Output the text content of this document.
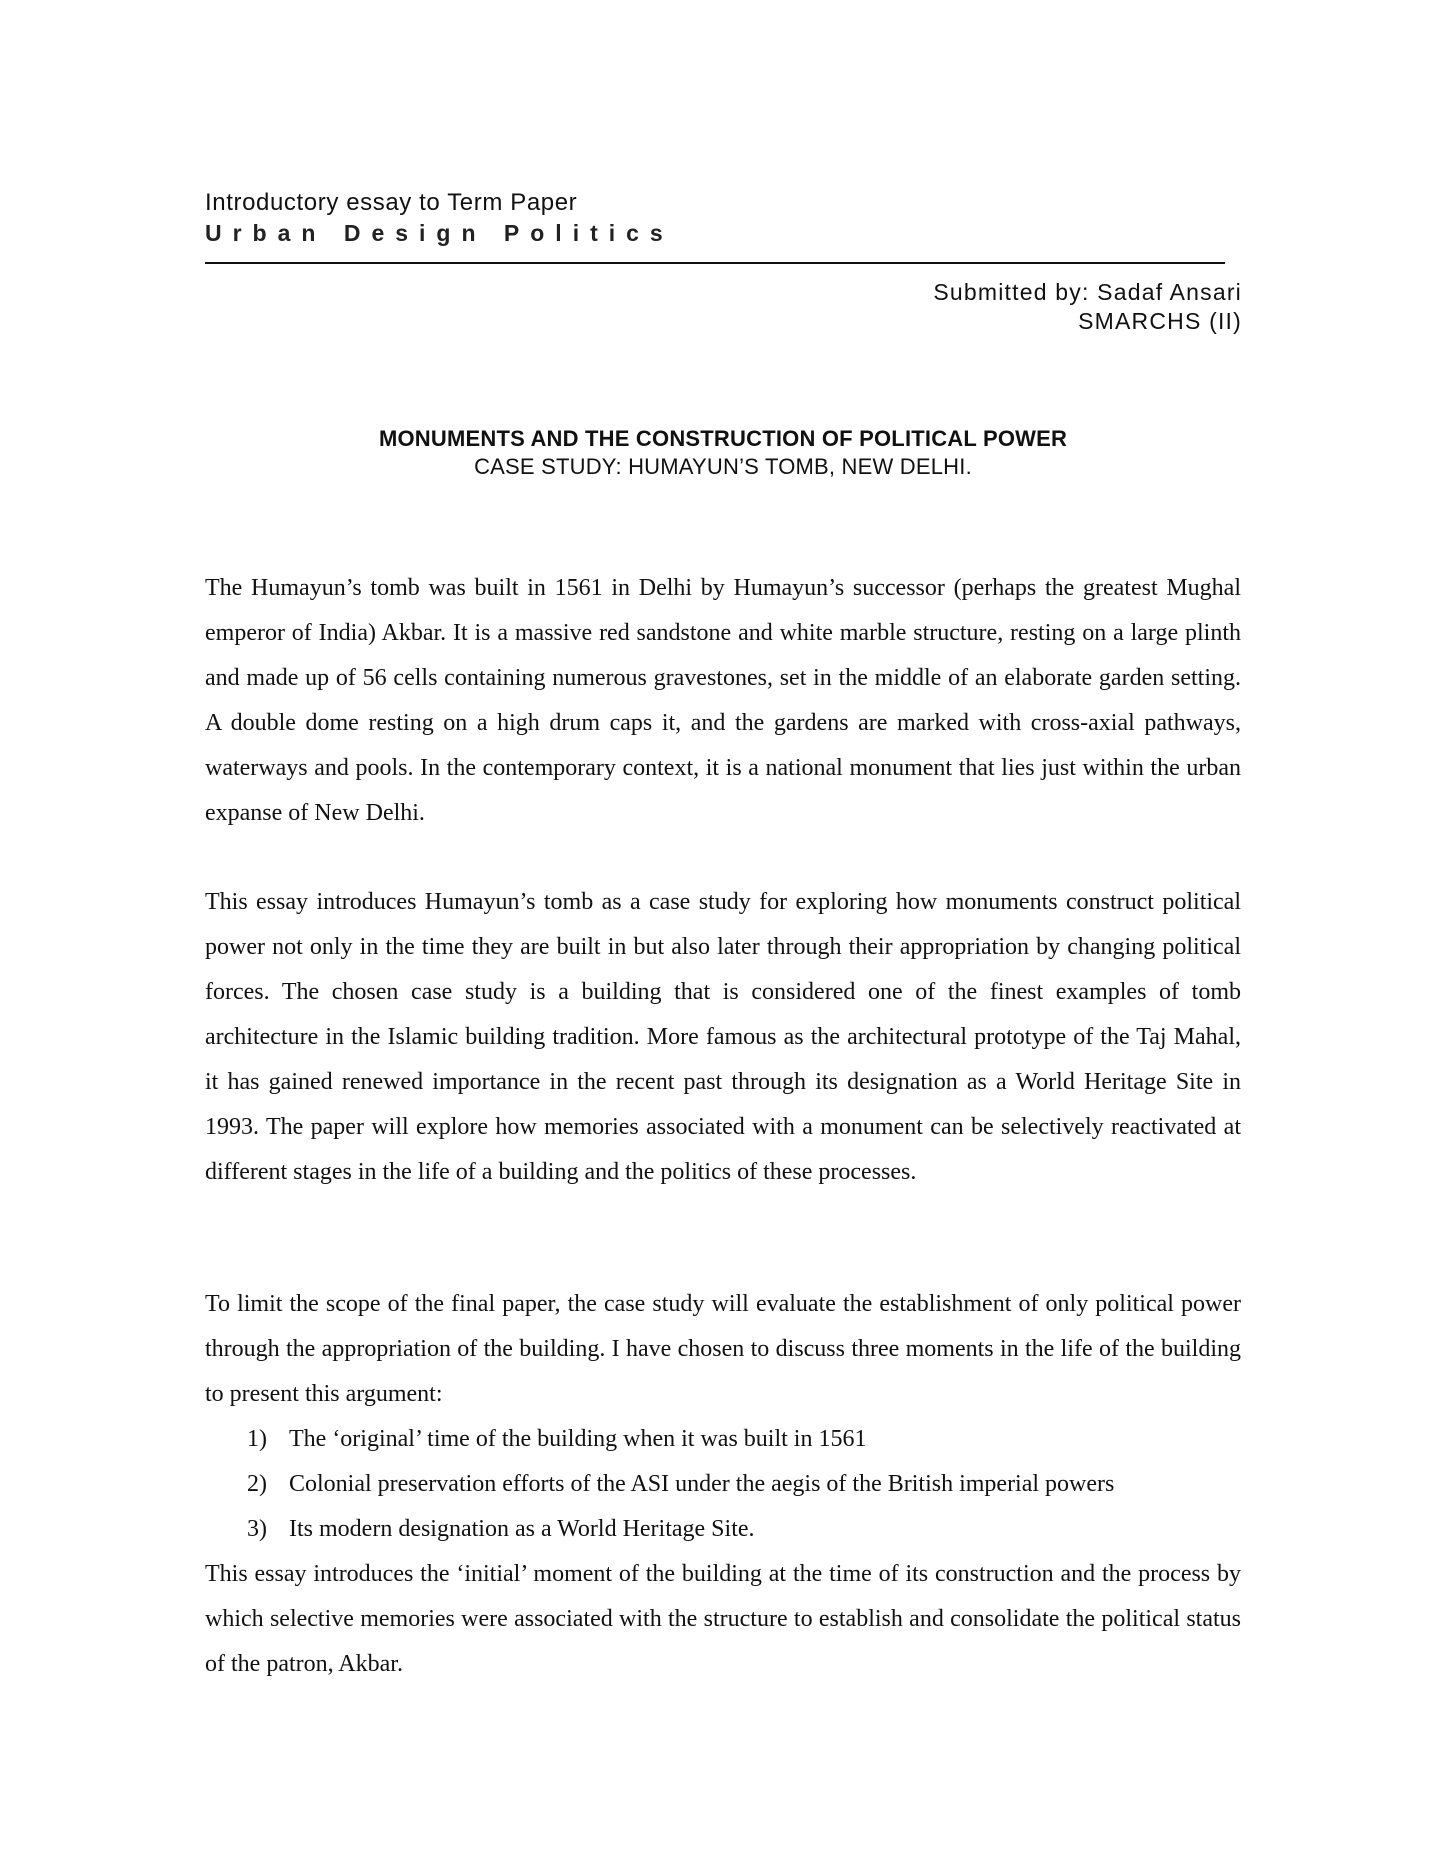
Introductory essay to Term Paper
Urban Design Politics
Submitted by: Sadaf Ansari
SMARCHS (II)
MONUMENTS AND THE CONSTRUCTION OF POLITICAL POWER
CASE STUDY: HUMAYUN’S TOMB, NEW DELHI.

The Humayun’s tomb was built in 1561 in Delhi by Humayun’s successor (perhaps the greatest Mughal emperor of India) Akbar. It is a massive red sandstone and white marble structure, resting on a large plinth and made up of 56 cells containing numerous gravestones, set in the middle of an elaborate garden setting. A double dome resting on a high drum caps it, and the gardens are marked with cross-axial pathways, waterways and pools. In the contemporary context, it is a national monument that lies just within the urban expanse of New Delhi.

This essay introduces Humayun’s tomb as a case study for exploring how monuments construct political power not only in the time they are built in but also later through their appropriation by changing political forces. The chosen case study is a building that is considered one of the finest examples of tomb architecture in the Islamic building tradition. More famous as the architectural prototype of the Taj Mahal, it has gained renewed importance in the recent past through its designation as a World Heritage Site in 1993. The paper will explore how memories associated with a monument can be selectively reactivated at different stages in the life of a building and the politics of these processes.

To limit the scope of the final paper, the case study will evaluate the establishment of only political power through the appropriation of the building. I have chosen to discuss three moments in the life of the building to present this argument:

1) The ‘original’ time of the building when it was built in 1561
2) Colonial preservation efforts of the ASI under the aegis of the British imperial powers
3) Its modern designation as a World Heritage Site.

This essay introduces the ‘initial’ moment of the building at the time of its construction and the process by which selective memories were associated with the structure to establish and consolidate the political status of the patron, Akbar.
